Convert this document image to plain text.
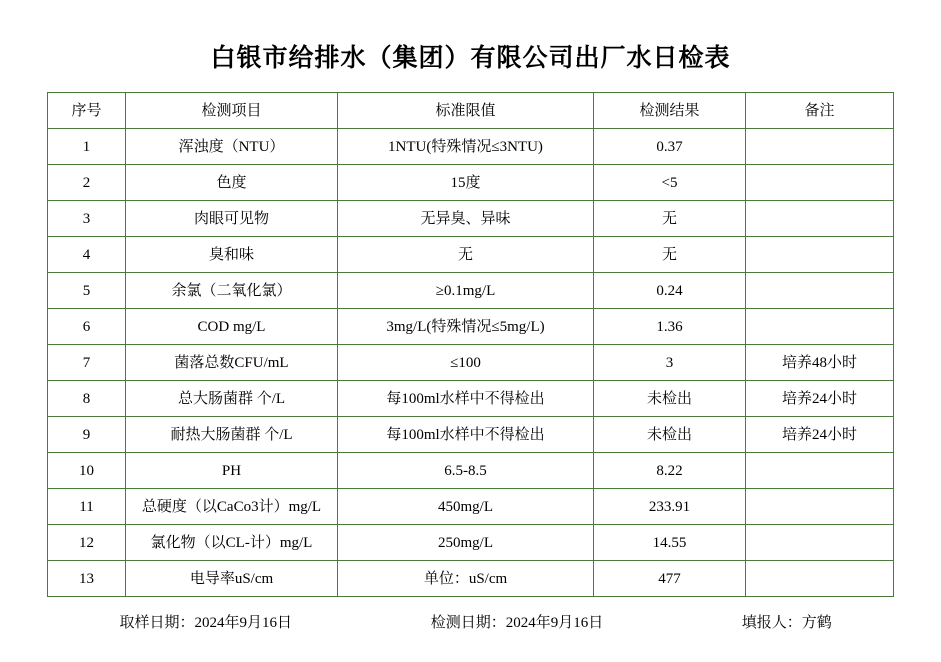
白银市给排水（集团）有限公司出厂水日检表
序号	检测项目	标准限值	检测结果	备注
1	浑浊度（NTU）	1NTU(特殊情况≤3NTU)	0.37	
2	色度	15度	<5	
3	肉眼可见物	无异臭、异味	无	
4	臭和味	无	无	
5	余氯（二氧化氯）	≥0.1mg/L	0.24	
6	COD mg/L	3mg/L(特殊情况≤5mg/L)	1.36	
7	菌落总数CFU/mL	≤100	3	培养48小时
8	总大肠菌群 个/L	每100ml水样中不得检出	未检出	培养24小时
9	耐热大肠菌群 个/L	每100ml水样中不得检出	未检出	培养24小时
10	PH	6.5-8.5	8.22	
11	总硬度（以CaCo3计）mg/L	450mg/L	233.91	
12	氯化物（以CL-计）mg/L	250mg/L	14.55	
13	电导率uS/cm	单位：uS/cm	477	
取样日期：2024年9月16日	检测日期：2024年9月16日	填报人：方鹤
